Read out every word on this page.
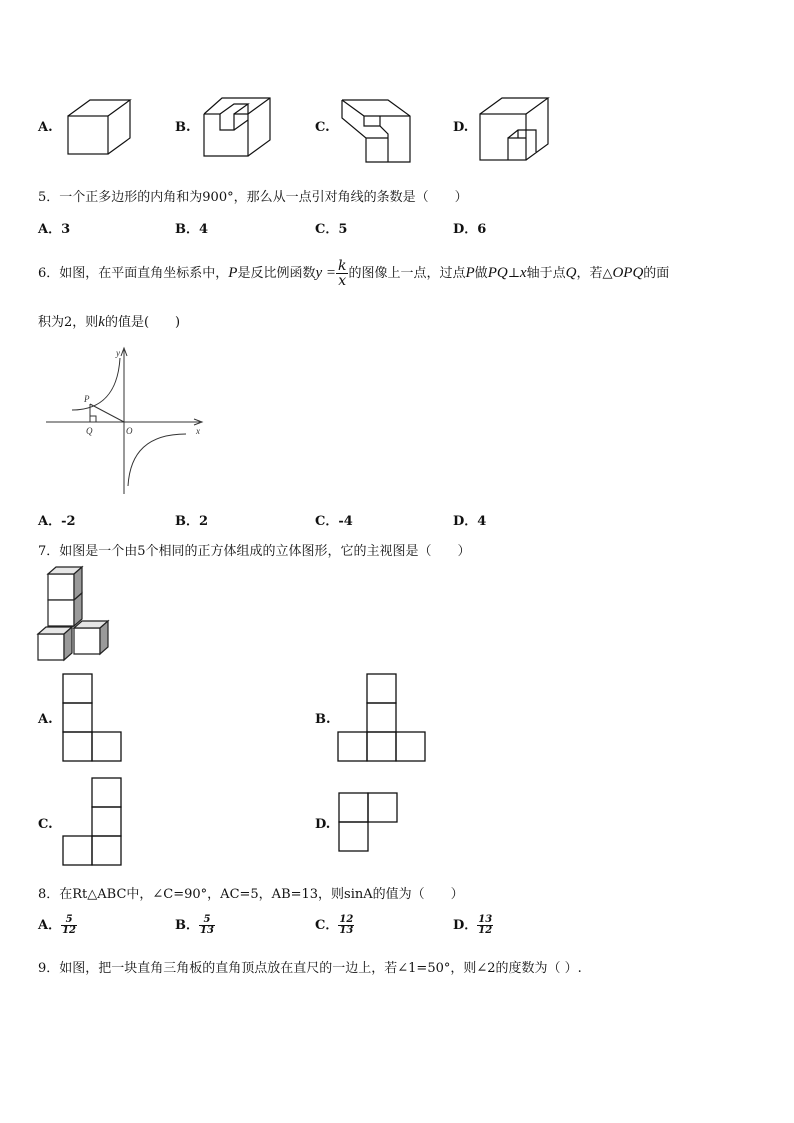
A.	B.	C.	D.
5．一个正多边形的内角和为900°，那么从一点引对角线的条数是（　　）
A．3	B．4	C．5	D．6
6．如图，在平面直角坐标系中，P是反比例函数$y = \frac{k}{x}$ 的图像上一点，过点P做PQ⊥x轴于点Q，若△OPQ的面
积为2，则k的值是(　　)
y
x
P
Q	O
A．-2	B．2	C．-4	D．4
7．如图是一个由5个相同的正方体组成的立体图形，它的主视图是（　　）
A.	B.
C.	D.
8．在Rt△ABC中，∠C=90°，AC=5，AB=13，则sinA的值为（　　）
A． $\frac{5}{12}$	B． $\frac{5}{13}$	C． $\frac{12}{13}$	D． $\frac{13}{12}$
9．如图，把一块直角三角板的直角顶点放在直尺的一边上，若∠1=50°，则∠2的度数为（ ）.
